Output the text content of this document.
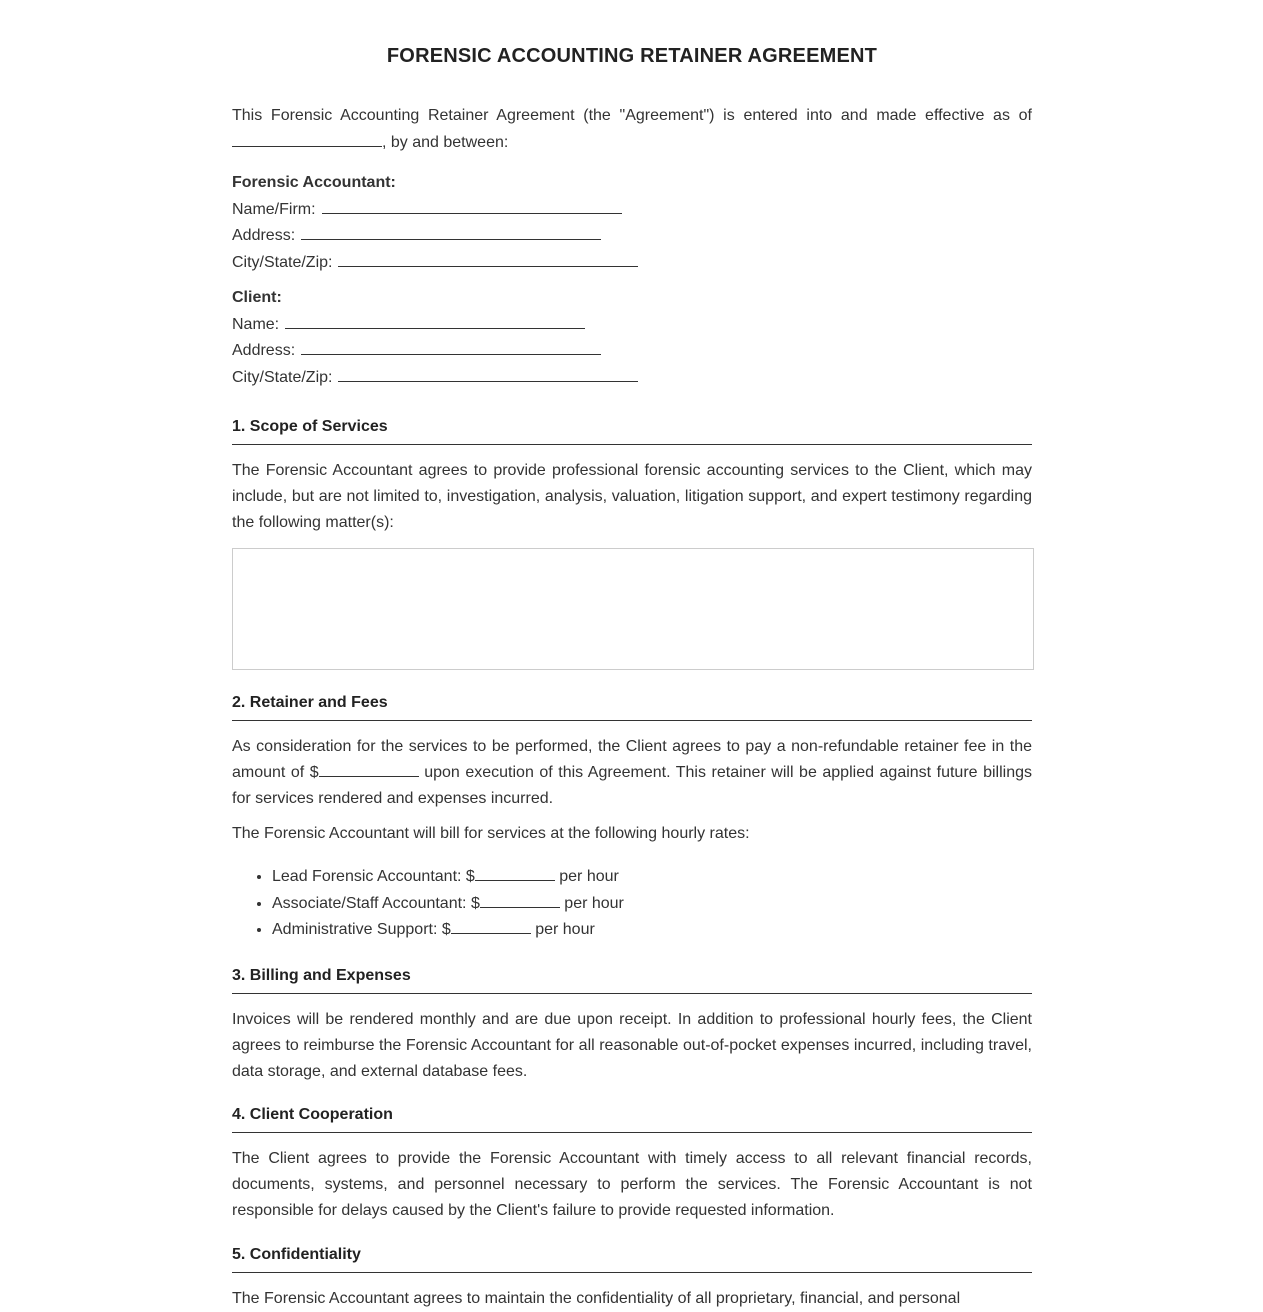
FORENSIC ACCOUNTING RETAINER AGREEMENT

This Forensic Accounting Retainer Agreement (the "Agreement") is entered into and made effective as of , by and between:

Forensic Accountant:
Name/Firm:
Address:
City/State/Zip:
Client:
Name:
Address:
City/State/Zip:
1. Scope of Services

The Forensic Accountant agrees to provide professional forensic accounting services to the Client, which may include, but are not limited to, investigation, analysis, valuation, litigation support, and expert testimony regarding the following matter(s):

2. Retainer and Fees

As consideration for the services to be performed, the Client agrees to pay a non-refundable retainer fee in the amount of $	upon execution of this Agreement. This retainer will be applied against future billings for services rendered and expenses incurred.

The Forensic Accountant will bill for services at the following hourly rates:

• Lead Forensic Accountant: $	per hour
• Associate/Staff Accountant: $	per hour
• Administrative Support: $	per hour
3. Billing and Expenses

Invoices will be rendered monthly and are due upon receipt. In addition to professional hourly fees, the Client agrees to reimburse the Forensic Accountant for all reasonable out-of-pocket expenses incurred, including travel, data storage, and external database fees.

4. Client Cooperation

The Client agrees to provide the Forensic Accountant with timely access to all relevant financial records, documents, systems, and personnel necessary to perform the services. The Forensic Accountant is not responsible for delays caused by the Client's failure to provide requested information.

5. Confidentiality

The Forensic Accountant agrees to maintain the confidentiality of all proprietary, financial, and personal
